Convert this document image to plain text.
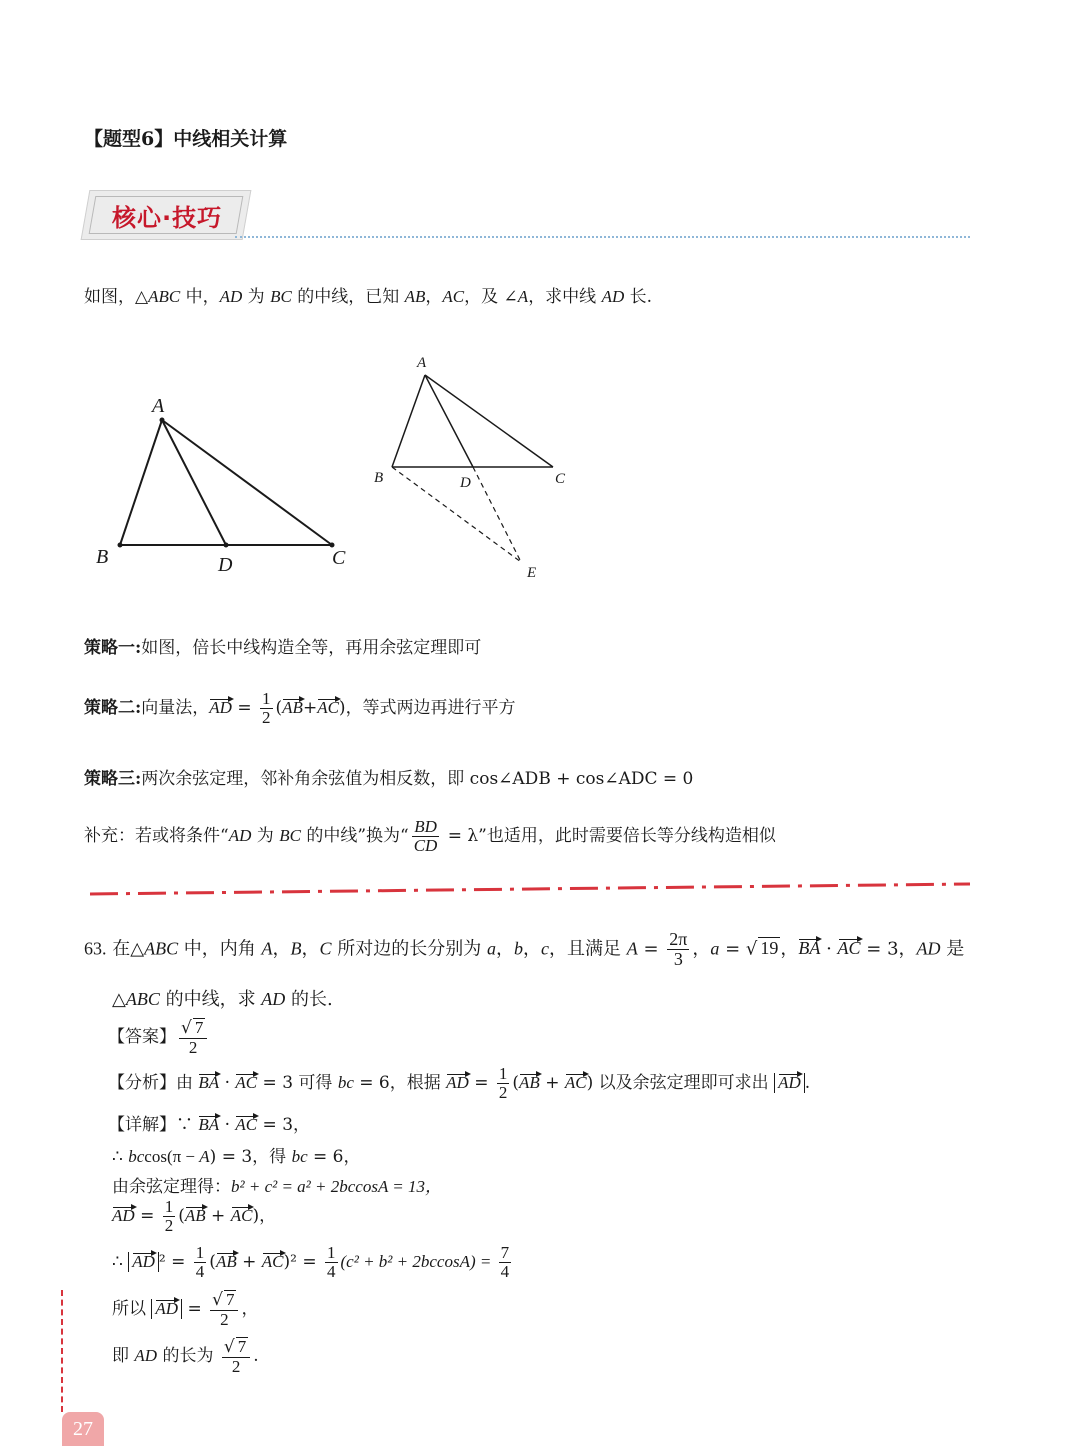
【题型6】中线相关计算
核心·技巧
如图，△ABC 中，AD 为 BC 的中线，已知 AB，AC，及 ∠A，求中线 AD 长.
A
B	D	C
A
B	D	C
E
策略一:如图，倍长中线构造全等，再用余弦定理即可
策略二:向量法，AD = $\frac{1}{2} (AB+AC)$，等式两边再进行平方
策略三:两次余弦定理，邻补角余弦值为相反数，即 cos∠ADB + cos∠ADC = 0
补充：若或将条件“AD 为 BC 的中线”换为“ $\frac{BD}{CD} = \lambda$”也适用，此时需要倍长等分线构造相似
63. 在△ABC 中，内角 A，B，C 所对边的长分别为 a，b，c，且满足 $A = \frac{2\pi}{3}$ ，a = √ 19 ，BA · AC = 3，AD 是
△ABC 的中线，求 AD 的长.
【答案】 $\frac{√ 7}{2}$
【分析】由 BA · AC = 3 可得 bc = 6，根据 AD = $\frac{1}{2} (AB + AC)$ 以及余弦定理即可求出 AD .
【详解】∵ BA · AC = 3，
∴ bccos(π − A) = 3，得 bc = 6，
由余弦定理得：b² + c² = a² + 2bccosA = 13，
AD = $\frac{1}{2} (AB + AC)$，
∴ AD $^2 = \frac{1}{4} (AB + AC)^2 = \frac{1}{4} (c^2 + b^2 + 2bccosA) = \frac{7}{4}$
所以 AD = $\frac{√ 7}{2}$ ，
即 AD 的长为 $\frac{√ 7}{2}$ .
27
